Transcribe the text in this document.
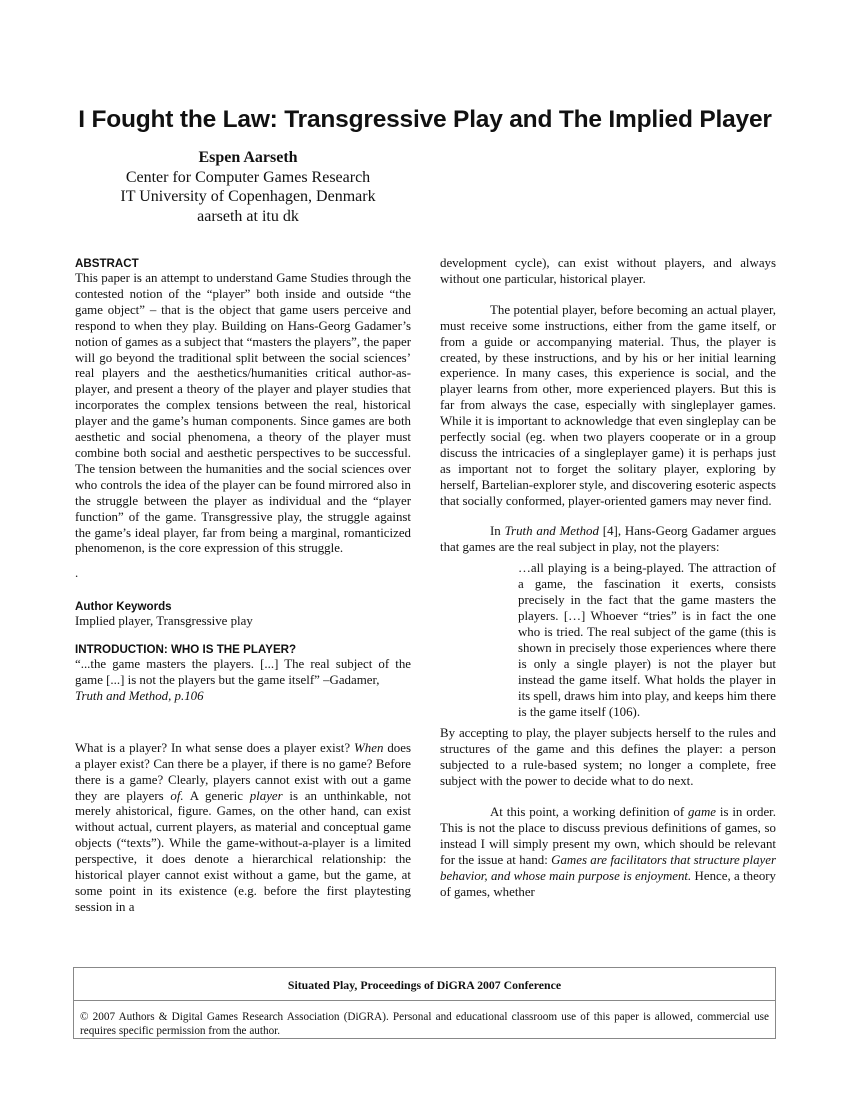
I Fought the Law: Transgressive Play and The Implied Player
Espen Aarseth
Center for Computer Games Research
IT University of Copenhagen, Denmark
aarseth at itu dk
ABSTRACT

This paper is an attempt to understand Game Studies through the contested notion of the “player” both inside and outside “the game object” – that is the object that game users perceive and respond to when they play. Building on Hans-Georg Gadamer’s notion of games as a subject that “masters the players”, the paper will go beyond the traditional split between the social sciences’ real players and the aesthetics/humanities critical author-as-player, and present a theory of the player and player studies that incorporates the complex tensions between the real, historical player and the game’s human components. Since games are both aesthetic and social phenomena, a theory of the player must combine both social and aesthetic perspectives to be successful. The tension between the humanities and the social sciences over who controls the idea of the player can be found mirrored also in the struggle between the player as individual and the “player function” of the game. Transgressive play, the struggle against the game’s ideal player, far from being a marginal, romanticized phenomenon, is the core expression of this struggle.

.

Author Keywords

Implied player, Transgressive play

INTRODUCTION: WHO IS THE PLAYER?

“...the game masters the players. [...] The real subject of the game [...] is not the players but the game itself” –Gadamer,

Truth and Method, p.106

What is a player? In what sense does a player exist? When does a player exist? Can there be a player, if there is no game? Before there is a game? Clearly, players cannot exist with out a game they are players of. A generic player is an unthinkable, not merely ahistorical, figure. Games, on the other hand, can exist without actual, current players, as material and conceptual game objects (“texts”). While the game-without-a-player is a limited perspective, it does denote a hierarchical relationship: the historical player cannot exist without a game, but the game, at some point in its existence (e.g. before the first playtesting session in a

development cycle), can exist without players, and always without one particular, historical player.

The potential player, before becoming an actual player, must receive some instructions, either from the game itself, or from a guide or accompanying material. Thus, the player is created, by these instructions, and by his or her initial learning experience. In many cases, this experience is social, and the player learns from other, more experienced players. But this is far from always the case, especially with singleplayer games. While it is important to acknowledge that even singleplay can be perfectly social (eg. when two players cooperate or in a group discuss the intricacies of a singleplayer game) it is perhaps just as important not to forget the solitary player, exploring by herself, Bartelian-explorer style, and discovering esoteric aspects that socially conformed, player-oriented gamers may never find.

In Truth and Method [4], Hans-Georg Gadamer argues that games are the real subject in play, not the players:

…all playing is a being-played. The attraction of a game, the fascination it exerts, consists precisely in the fact that the game masters the players. […] Whoever “tries” is in fact the one who is tried. The real subject of the game (this is shown in precisely those experiences where there is only a single player) is not the player but instead the game itself. What holds the player in its spell, draws him into play, and keeps him there is the game itself (106).

By accepting to play, the player subjects herself to the rules and structures of the game and this defines the player: a person subjected to a rule-based system; no longer a complete, free subject with the power to decide what to do next.

At this point, a working definition of game is in order. This is not the place to discuss previous definitions of games, so instead I will simply present my own, which should be relevant for the issue at hand: Games are facilitators that structure player behavior, and whose main purpose is enjoyment. Hence, a theory of games, whether

Situated Play, Proceedings of DiGRA 2007 Conference
© 2007 Authors & Digital Games Research Association (DiGRA). Personal and educational classroom use of this paper is allowed, commercial use requires specific permission from the author.
